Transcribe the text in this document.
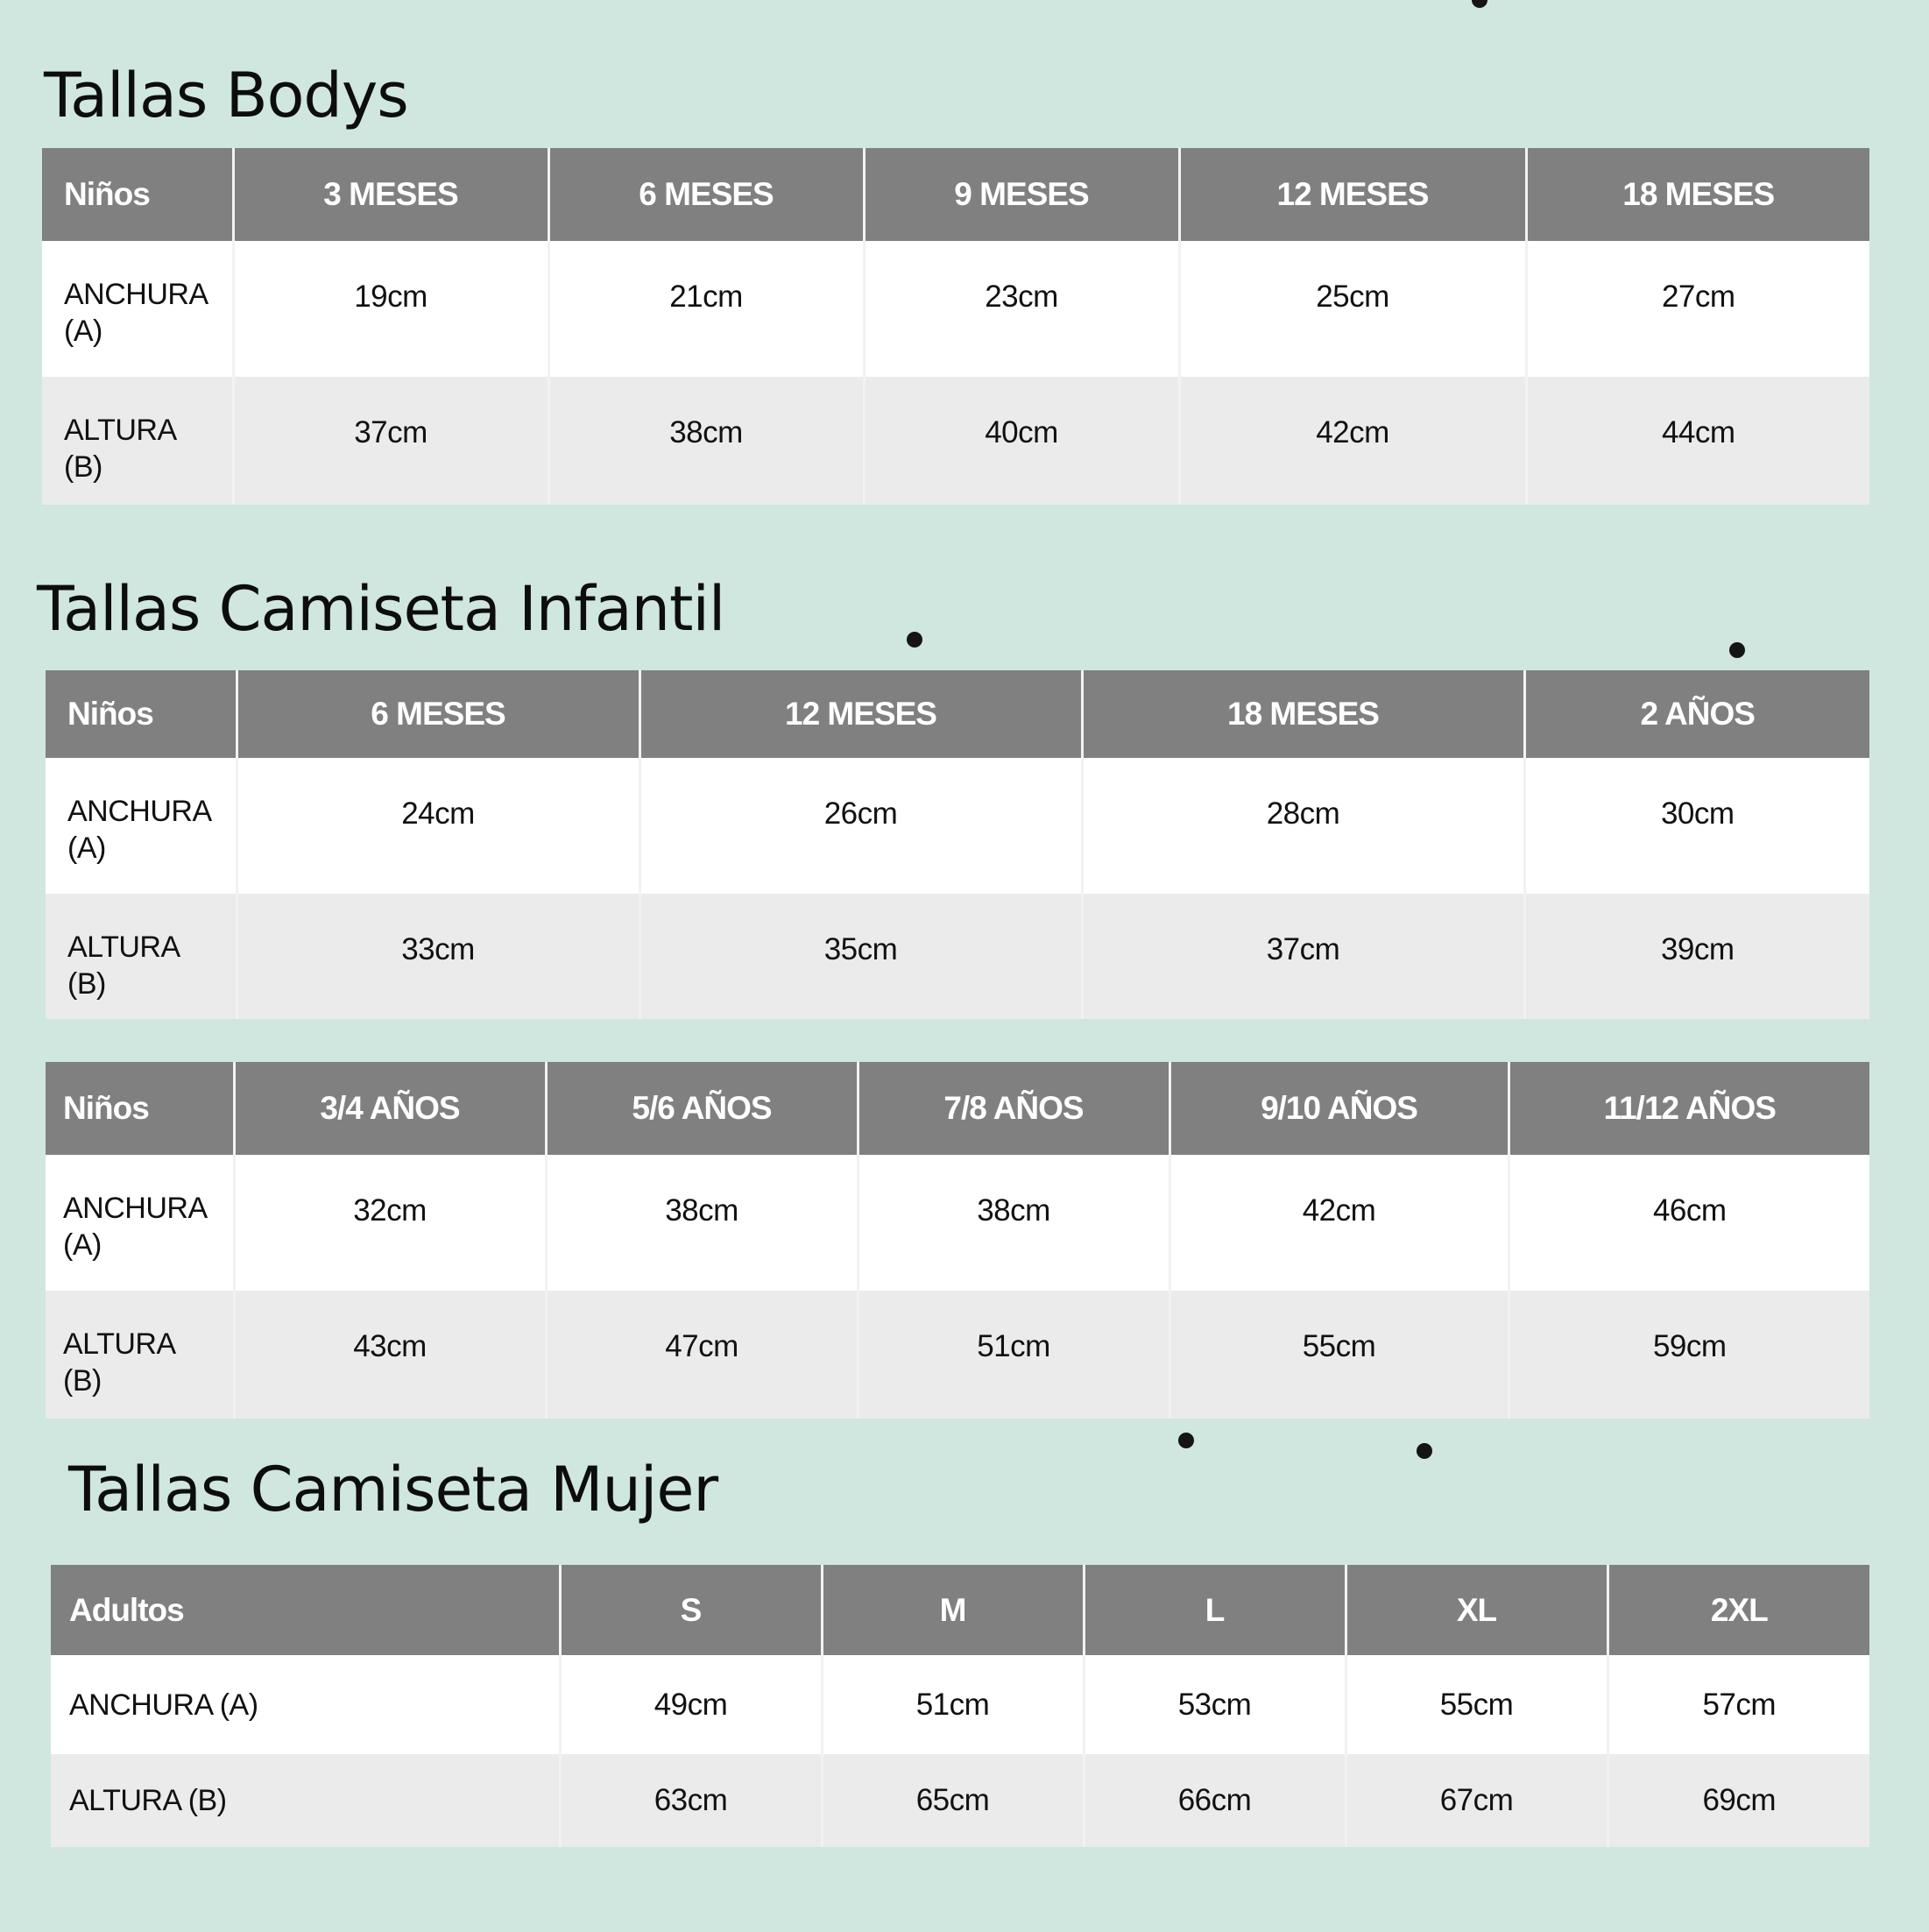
Tallas Bodys
Niños	3 MESES	6 MESES	9 MESES	12 MESES	18 MESES
ANCHURA
(A)	19cm	21cm	23cm	25cm	27cm
ALTURA
(B)	37cm	38cm	40cm	42cm	44cm
Tallas Camiseta Infantil
Niños	6 MESES	12 MESES	18 MESES	2 AÑOS
ANCHURA
(A)	24cm	26cm	28cm	30cm
ALTURA
(B)	33cm	35cm	37cm	39cm
Niños	3/4 AÑOS	5/6 AÑOS	7/8 AÑOS	9/10 AÑOS	11/12 AÑOS
ANCHURA
(A)	32cm	38cm	38cm	42cm	46cm
ALTURA
(B)	43cm	47cm	51cm	55cm	59cm
Tallas Camiseta Mujer
Adultos	S	M	L	XL	2XL
ANCHURA (A)	49cm	51cm	53cm	55cm	57cm
ALTURA (B)	63cm	65cm	66cm	67cm	69cm
